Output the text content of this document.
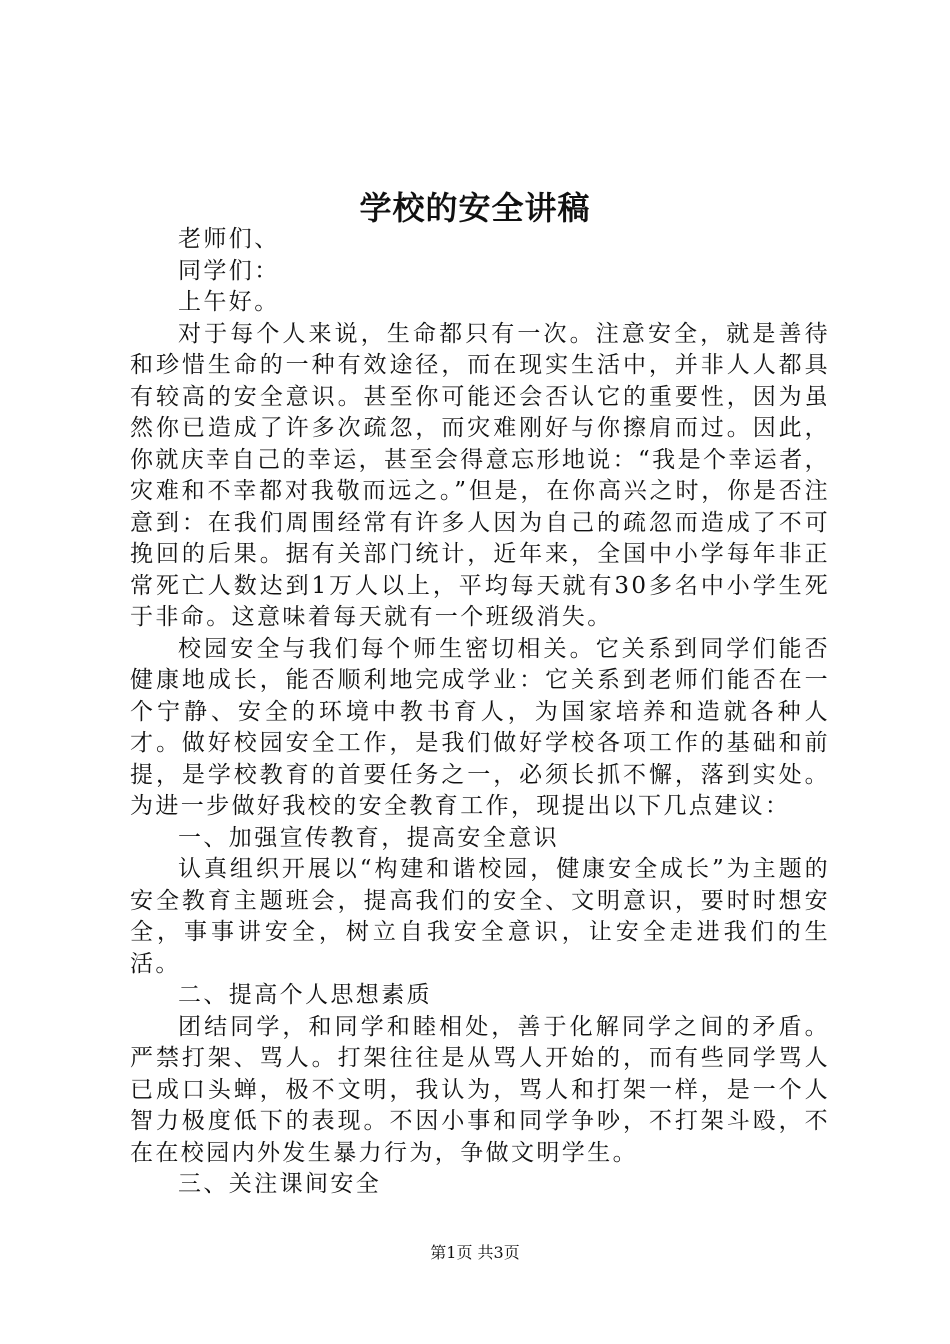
学校的安全讲稿

老师们、

同学们：

上午好。

对于每个人来说，生命都只有一次。注意安全，就是善待和珍惜生命的一种有效途径，而在现实生活中，并非人人都具有较高的安全意识。甚至你可能还会否认它的重要性，因为虽然你已造成了许多次疏忽，而灾难刚好与你擦肩而过。因此，你就庆幸自己的幸运，甚至会得意忘形地说：“我是个幸运者，灾难和不幸都对我敬而远之。”但是，在你高兴之时，你是否注意到：在我们周围经常有许多人因为自己的疏忽而造成了不可挽回的后果。据有关部门统计，近年来，全国中小学每年非正常死亡人数达到1万人以上，平均每天就有30多名中小学生死于非命。这意味着每天就有一个班级消失。

校园安全与我们每个师生密切相关。它关系到同学们能否健康地成长，能否顺利地完成学业：它关系到老师们能否在一个宁静、安全的环境中教书育人，为国家培养和造就各种人才。做好校园安全工作，是我们做好学校各项工作的基础和前提，是学校教育的首要任务之一，必须长抓不懈，落到实处。为进一步做好我校的安全教育工作，现提出以下几点建议：

一、加强宣传教育，提高安全意识

认真组织开展以“构建和谐校园，健康安全成长”为主题的安全教育主题班会，提高我们的安全、文明意识，要时时想安全，事事讲安全，树立自我安全意识，让安全走进我们的生活。

二、提高个人思想素质

团结同学，和同学和睦相处，善于化解同学之间的矛盾。严禁打架、骂人。打架往往是从骂人开始的，而有些同学骂人已成口头蝉，极不文明，我认为，骂人和打架一样，是一个人智力极度低下的表现。不因小事和同学争吵，不打架斗殴，不在在校园内外发生暴力行为，争做文明学生。

三、关注课间安全

第1页 共3页
